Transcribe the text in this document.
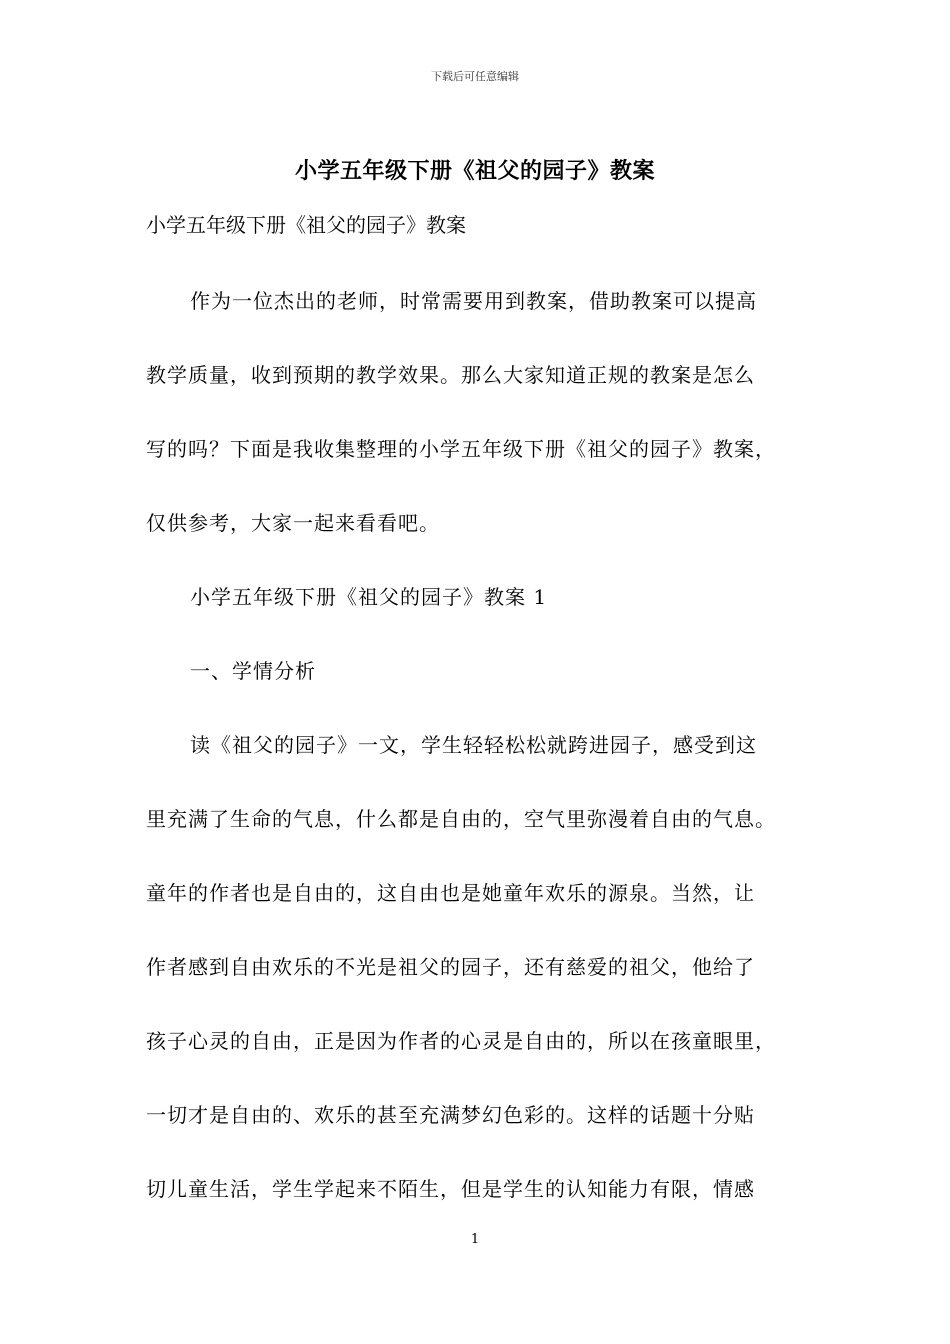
下载后可任意编辑
小学五年级下册《祖父的园子》教案
小学五年级下册《祖父的园子》教案
作为一位杰出的老师，时常需要用到教案，借助教案可以提高
教学质量，收到预期的教学效果。那么大家知道正规的教案是怎么
写的吗？下面是我收集整理的小学五年级下册《祖父的园子》教案，
仅供参考，大家一起来看看吧。
小学五年级下册《祖父的园子》教案 1
一、学情分析
读《祖父的园子》一文，学生轻轻松松就跨进园子，感受到这
里充满了生命的气息，什么都是自由的，空气里弥漫着自由的气息。
童年的作者也是自由的，这自由也是她童年欢乐的源泉。当然，让
作者感到自由欢乐的不光是祖父的园子，还有慈爱的祖父，他给了
孩子心灵的自由，正是因为作者的心灵是自由的，所以在孩童眼里，
一切才是自由的、欢乐的甚至充满梦幻色彩的。这样的话题十分贴
切儿童生活，学生学起来不陌生，但是学生的认知能力有限，情感
1
